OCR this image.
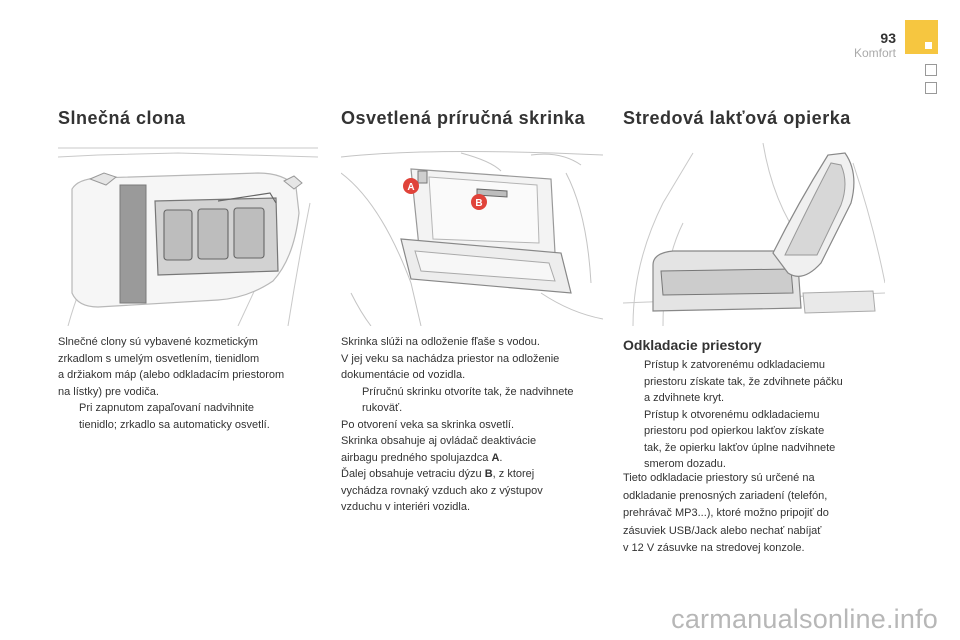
93
Komfort
Slnečná clona	Osvetlená príručná skrinka Stredová lakťová opierka
A
B

Slnečné clony sú vybavené kozmetickým

zrkadlom s umelým osvetlením, tienidlom

a držiakom máp (alebo odkladacím priestorom

na lístky) pre vodiča.

Pri zapnutom zapaľovaní nadvihnite

tienidlo; zrkadlo sa automaticky osvetlí.

Skrinka slúži na odloženie fľaše s vodou.

V jej veku sa nachádza priestor na odloženie

dokumentácie od vozidla.

Príručnú skrinku otvoríte tak, že nadvihnete

rukoväť.

Po otvorení veka sa skrinka osvetlí.

Skrinka obsahuje aj ovládač deaktivácie

airbagu predného spolujazdca A.

Ďalej obsahuje vetraciu dýzu B, z ktorej

vychádza rovnaký vzduch ako z výstupov

vzduchu v interiéri vozidla.

Odkladacie priestory

Prístup k zatvorenému odkladaciemu

priestoru získate tak, že zdvihnete páčku

a zdvihnete kryt.

Prístup k otvorenému odkladaciemu

priestoru pod opierkou lakťov získate

tak, že opierku lakťov úplne nadvihnete

smerom dozadu.

Tieto odkladacie priestory sú určené na

odkladanie prenosných zariadení (telefón,

prehrávač MP3...), ktoré možno pripojiť do

zásuviek USB/Jack alebo nechať nabíjať

v 12 V zásuvke na stredovej konzole.

carmanualsonline.info
